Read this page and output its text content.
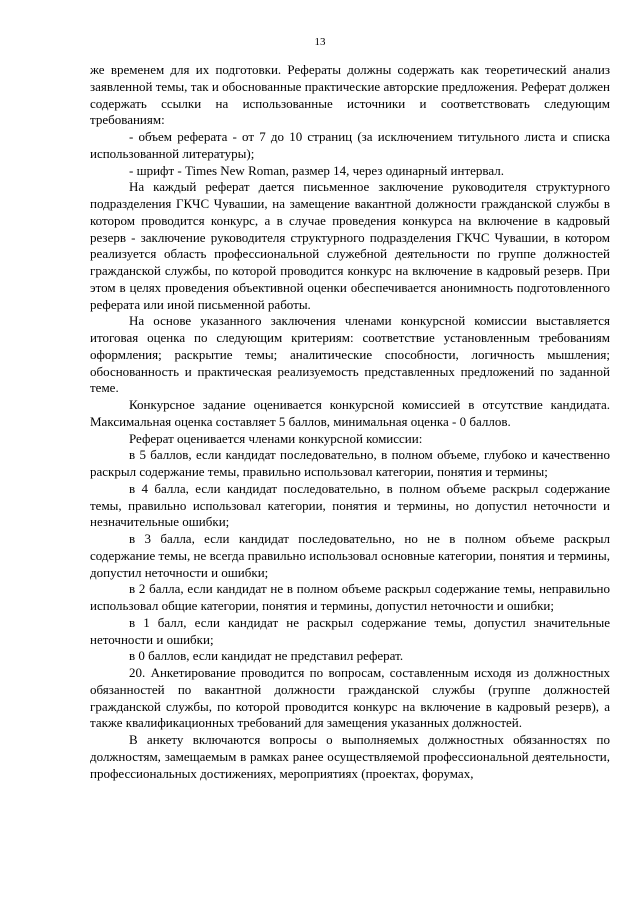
13

же временем для их подготовки. Рефераты должны содержать как теоретический анализ заявленной темы, так и обоснованные практические авторские предложения. Реферат должен содержать ссылки на использованные источники и соответствовать следующим требованиям:

- объем реферата - от 7 до 10 страниц (за исключением титульного листа и списка использованной литературы);

- шрифт - Times New Roman, размер 14, через одинарный интервал.

На каждый реферат дается письменное заключение руководителя структурного подразделения ГКЧС Чувашии, на замещение вакантной должности гражданской службы в котором проводится конкурс, а в случае проведения конкурса на включение в кадровый резерв - заключение руководителя структурного подразделения ГКЧС Чувашии, в котором реализуется область профессиональной служебной деятельности по группе должностей гражданской службы, по которой проводится конкурс на включение в кадровый резерв. При этом в целях проведения объективной оценки обеспечивается анонимность подготовленного реферата или иной письменной работы.

На основе указанного заключения членами конкурсной комиссии выставляется итоговая оценка по следующим критериям: соответствие установленным требованиям оформления; раскрытие темы; аналитические способности, логичность мышления; обоснованность и практическая реализуемость представленных предложений по заданной теме.

Конкурсное задание оценивается конкурсной комиссией в отсутствие кандидата. Максимальная оценка составляет 5 баллов, минимальная оценка - 0 баллов.

Реферат оценивается членами конкурсной комиссии:

в 5 баллов, если кандидат последовательно, в полном объеме, глубоко и качественно раскрыл содержание темы, правильно использовал категории, понятия и термины;

в 4 балла, если кандидат последовательно, в полном объеме раскрыл содержание темы, правильно использовал категории, понятия и термины, но допустил неточности и незначительные ошибки;

в 3 балла, если кандидат последовательно, но не в полном объеме раскрыл содержание темы, не всегда правильно использовал основные категории, понятия и термины, допустил неточности и ошибки;

в 2 балла, если кандидат не в полном объеме раскрыл содержание темы, неправильно использовал общие категории, понятия и термины, допустил неточности и ошибки;

в 1 балл, если кандидат не раскрыл содержание темы, допустил значительные неточности и ошибки;

в 0 баллов, если кандидат не представил реферат.

20. Анкетирование проводится по вопросам, составленным исходя из должностных обязанностей по вакантной должности гражданской службы (группе должностей гражданской службы, по которой проводится конкурс на включение в кадровый резерв), а также квалификационных требований для замещения указанных должностей.

В анкету включаются вопросы о выполняемых должностных обязанностях по должностям, замещаемым в рамках ранее осуществляемой профессиональной деятельности, профессиональных достижениях, мероприятиях (проектах, форумах,
